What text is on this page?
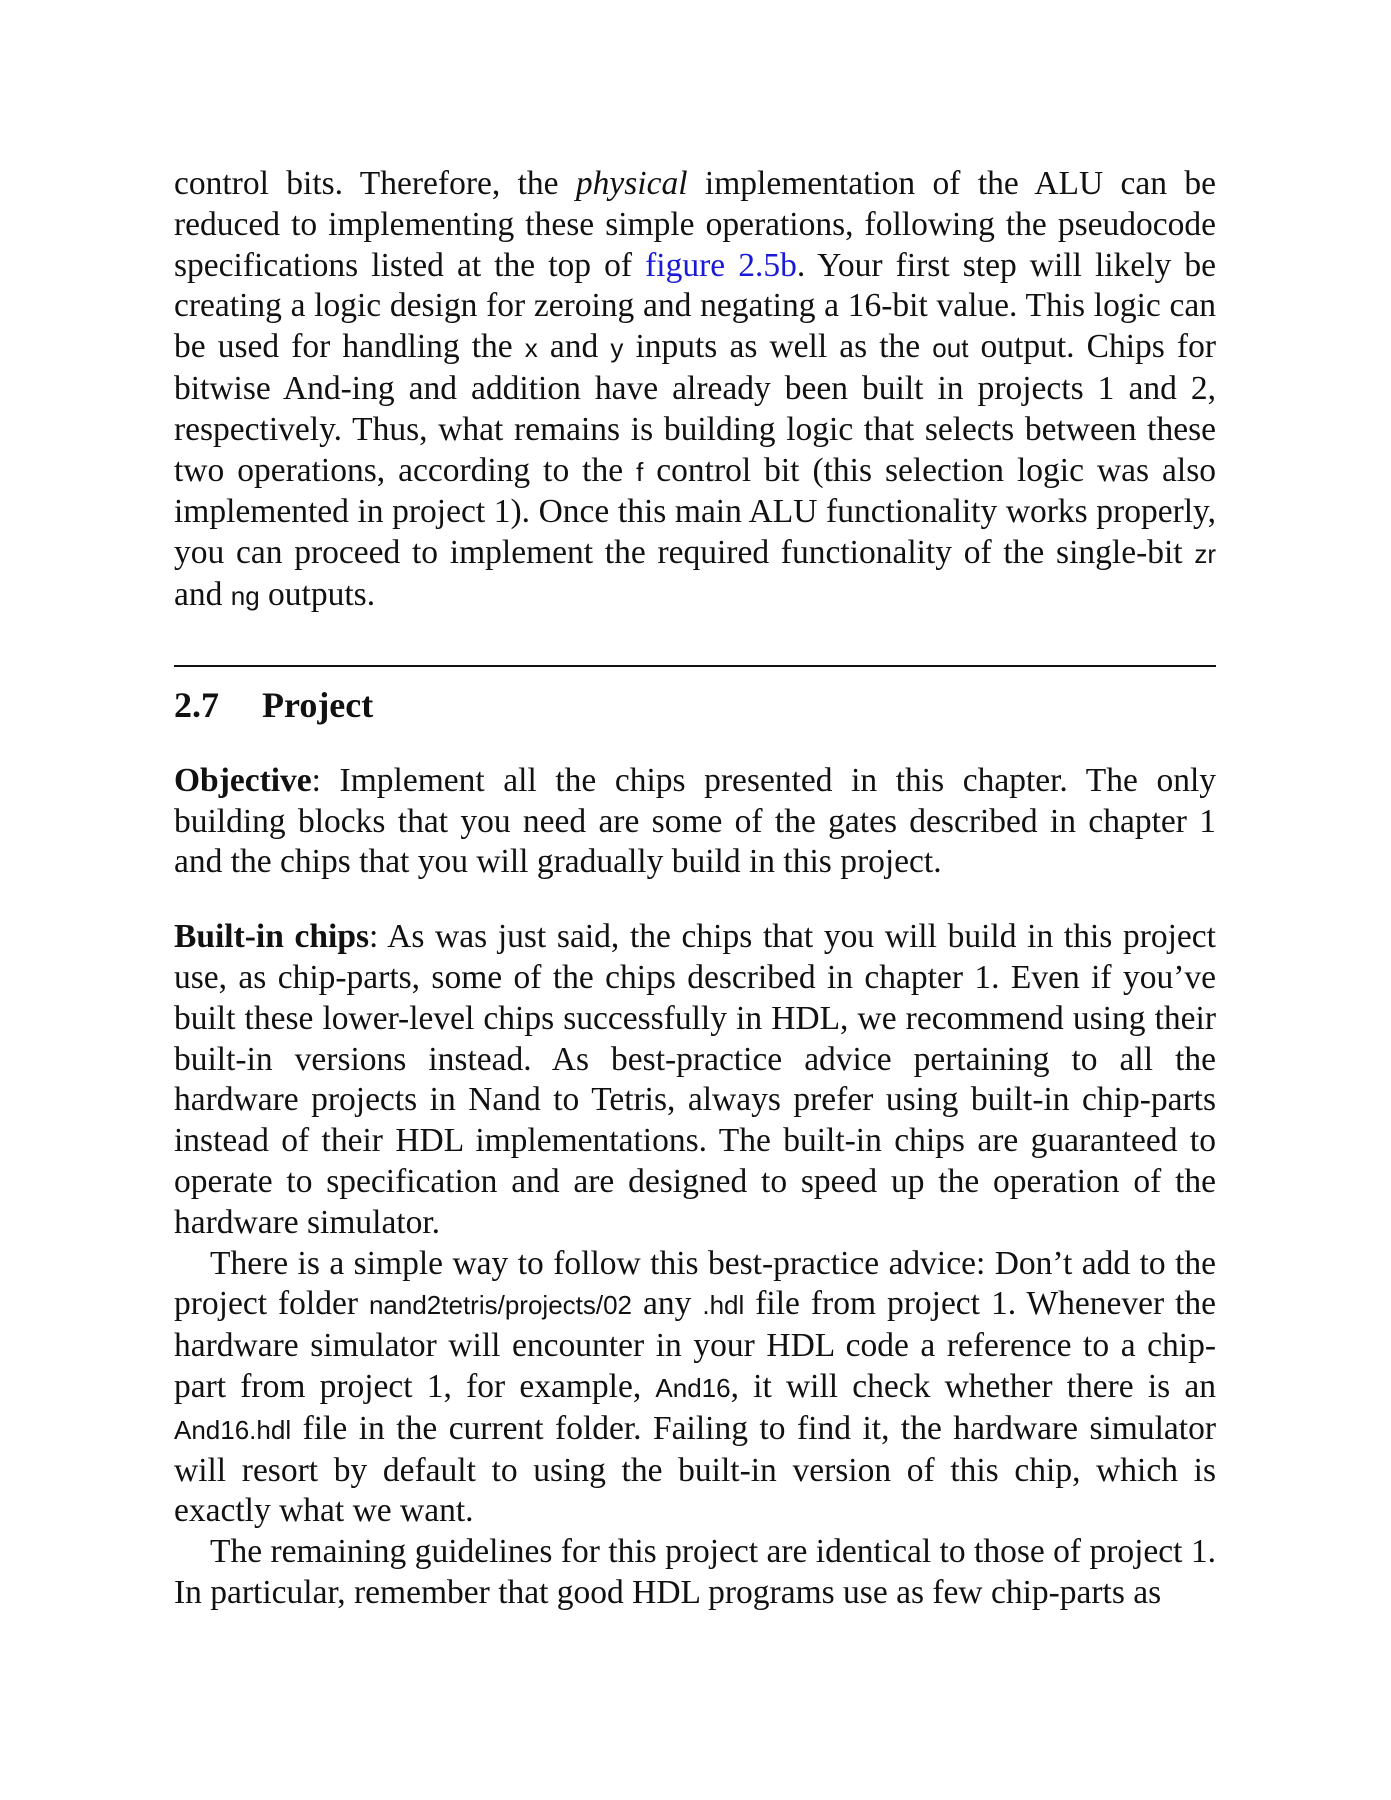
control bits. Therefore, the physical implementation of the ALU can be reduced to implementing these simple operations, following the pseudocode specifications listed at the top of figure 2.5b. Your first step will likely be creating a logic design for zeroing and negating a 16-bit value. This logic can be used for handling the x and y inputs as well as the out output. Chips for bitwise And-ing and addition have already been built in projects 1 and 2, respectively. Thus, what remains is building logic that selects between these two operations, according to the f control bit (this selection logic was also implemented in project 1). Once this main ALU functionality works properly, you can proceed to implement the required functionality of the single-bit zr and ng outputs.

2.7 Project

Objective: Implement all the chips presented in this chapter. The only building blocks that you need are some of the gates described in chapter 1 and the chips that you will gradually build in this project.

Built-in chips: As was just said, the chips that you will build in this project use, as chip-parts, some of the chips described in chapter 1. Even if you’ve built these lower-level chips successfully in HDL, we recommend using their built-in versions instead. As best-practice advice pertaining to all the hardware projects in Nand to Tetris, always prefer using built-in chip-parts instead of their HDL implementations. The built-in chips are guaranteed to operate to specification and are designed to speed up the operation of the hardware simulator.

There is a simple way to follow this best-practice advice: Don’t add to the project folder nand2tetris/projects/02 any .hdl file from project 1. Whenever the hardware simulator will encounter in your HDL code a reference to a chip-part from project 1, for example, And16, it will check whether there is an And16.hdl file in the current folder. Failing to find it, the hardware simulator will resort by default to using the built-in version of this chip, which is exactly what we want.

The remaining guidelines for this project are identical to those of project 1. In particular, remember that good HDL programs use as few chip-parts as
